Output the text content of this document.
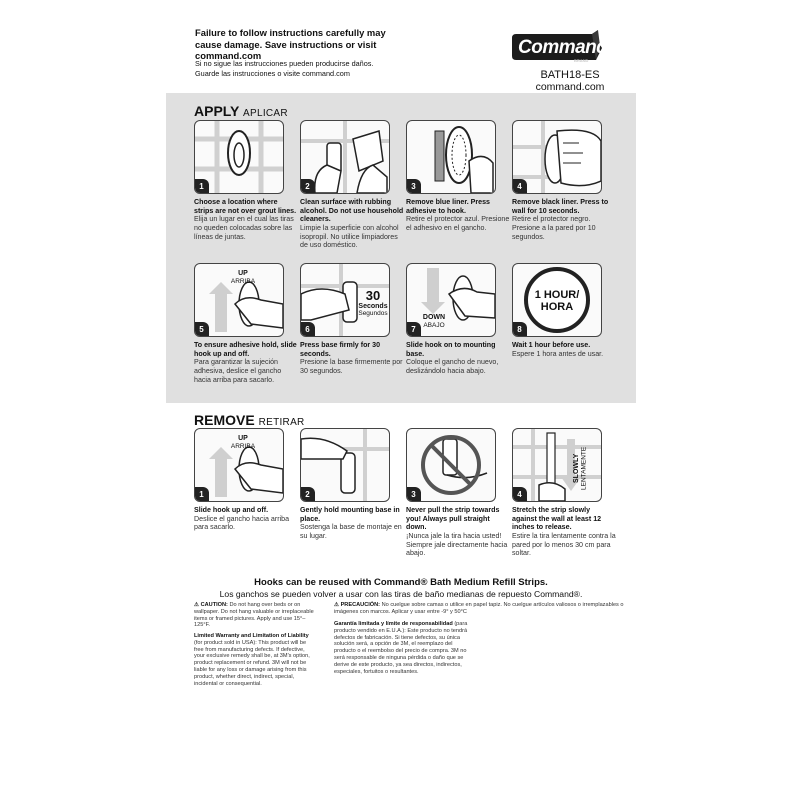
Failure to follow instructions carefully may cause damage. Save instructions or visit command.com
Si no sigue las instrucciones pueden producirse daños. Guarde las instrucciones o visite command.com
Command
BRAND
BATH18-ES
command.com
APPLY APLICAR
1
Choose a location where strips are not over grout lines.
Elija un lugar en el cual las tiras no queden colocadas sobre las líneas de juntas.
2
Clean surface with rubbing alcohol. Do not use household cleaners.
Limpie la superficie con alcohol isopropil. No utilice limpiadores de uso doméstico.
3
Remove blue liner. Press adhesive to hook.
Retire el protector azul. Presione el adhesivo en el gancho.
4
Remove black liner. Press to wall for 10 seconds.
Retire el protector negro. Presione a la pared por 10 segundos.
UP
ARRIBA
5
To ensure adhesive hold, slide hook up and off.
Para garantizar la sujeción adhesiva, deslice el gancho hacia arriba para sacarlo.
30
Seconds
Segundos
6
Press base firmly for 30 seconds.
Presione la base firmemente por 30 segundos.
DOWN
ABAJO
7
Slide hook on to mounting base.
Coloque el gancho de nuevo, deslizándolo hacia abajo.
1 HOUR/
HORA
8
Wait 1 hour before use.
Espere 1 hora antes de usar.
REMOVE RETIRAR
UP
ARRIBA
1
Slide hook up and off.
Deslice el gancho hacia arriba para sacarlo.
2
Gently hold mounting base in place.
Sostenga la base de montaje en su lugar.
3
Never pull the strip towards you! Always pull straight down.
¡Nunca jale la tira hacia usted! Siempre jale directamente hacia abajo.
SLOWLY LENTAMENTE
4
Stretch the strip slowly against the wall at least 12 inches to release.
Estire la tira lentamente contra la pared por lo menos 30 cm para soltar.
Hooks can be reused with Command® Bath Medium Refill Strips.
Los ganchos se pueden volver a usar con las tiras de baño medianas de repuesto Command®.
⚠ CAUTION: Do not hang over beds or on wallpaper. Do not hang valuable or irreplaceable items or framed pictures. Apply and use 15°–125°F.
Limited Warranty and Limitation of Liability (for product sold in USA): This product will be free from manufacturing defects. If defective, your exclusive remedy shall be, at 3M's option, product replacement or refund. 3M will not be liable for any loss or damage arising from this product, whether direct, indirect, special, incidental or consequential.
⚠ PRECAUCIÓN: No cuelgue sobre camas o utilice en papel tapiz. No cuelgue artículos valiosos o irremplazables o imágenes con marcos. Aplicar y usar entre -9° y 50°C
Garantía limitada y límite de responsabilidad (para producto vendido en E.U.A.): Este producto no tendrá defectos de fabricación. Si tiene defectos, su única solución será, a opción de 3M, el reemplazo del producto o el reembolso del precio de compra. 3M no será responsable de ninguna pérdida o daño que se derive de este producto, ya sea directos, indirectos, especiales, fortuitos o resultantes.
